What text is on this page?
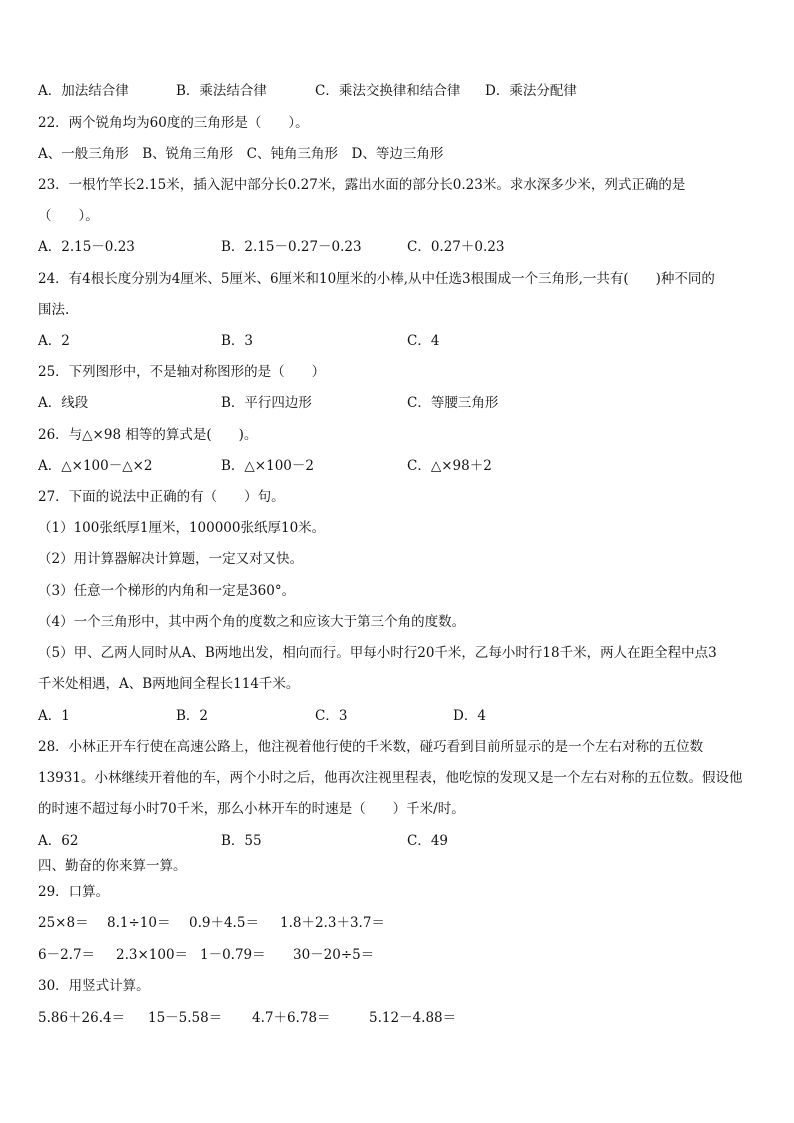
A．加法结合律	B．乘法结合律	C．乘法交换律和结合律 D．乘法分配律
22．两个锐角均为60度的三角形是（　　）。
A、一般三角形　B、锐角三角形　C、钝角三角形　D、等边三角形
23．一根竹竿长2.15米，插入泥中部分长0.27米，露出水面的部分长0.23米。求水深多少米，列式正确的是
（　　）。
A．2.15－0.23	B．2.15－0.27－0.23	C．0.27＋0.23
24．有4根长度分别为4厘米、5厘米、6厘米和10厘米的小棒,从中任选3根围成一个三角形,一共有(　　)种不同的
围法.
A．2	B．3	C．4
25．下列图形中，不是轴对称图形的是（　　）
A．线段	B．平行四边形	C．等腰三角形
26．与△×98 相等的算式是(　　)。
A．△×100－△×2	B．△×100－2	C．△×98＋2
27．下面的说法中正确的有（　　）句。
（1）100张纸厚1厘米，100000张纸厚10米。
（2）用计算器解决计算题，一定又对又快。
（3）任意一个梯形的内角和一定是360°。
（4）一个三角形中，其中两个角的度数之和应该大于第三个角的度数。
（5）甲、乙两人同时从A、B两地出发，相向而行。甲每小时行20千米，乙每小时行18千米，两人在距全程中点3
千米处相遇，A、B两地间全程长114千米。
A．1	B．2	C．3	D．4
28．小林正开车行使在高速公路上，他注视着他行使的千米数，碰巧看到目前所显示的是一个左右对称的五位数
13931。小林继续开着他的车，两个小时之后，他再次注视里程表，他吃惊的发现又是一个左右对称的五位数。假设他
的时速不超过每小时70千米，那么小林开车的时速是（　　）千米/时。
A．62	B．55	C．49
四、勤奋的你来算一算。
29．口算。
25×8＝ 8.1÷10＝ 0.9＋4.5＝ 1.8＋2.3＋3.7＝
6－2.7＝ 2.3×100＝ 1－0.79＝ 30－20÷5＝
30．用竖式计算。
5.86＋26.4＝ 15－5.58＝ 4.7＋6.78＝	5.12－4.88＝
